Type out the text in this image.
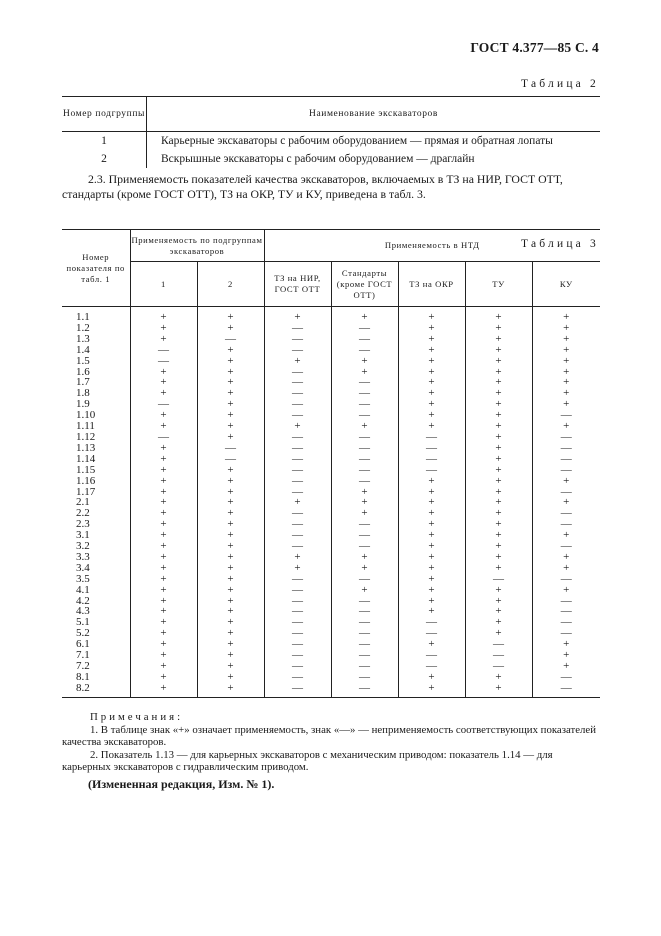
ГОСТ 4.377—85 С. 4
Таблица 2
Номер подгруппы	Наименование экскаваторов
1	Карьерные экскаваторы с рабочим оборудованием — прямая и обратная лопаты
2	Вскрышные экскаваторы с рабочим оборудованием — драглайн
2.3. Применяемость показателей качества экскаваторов, включаемых в ТЗ на НИР, ГОСТ ОТТ,
стандарты (кроме ГОСТ ОТТ), ТЗ на ОКР, ТУ и КУ, приведена в табл. 3.
Таблица 3
Номер показателя по табл. 1	Применяемость по подгруппам экскаваторов		Применяемость в НТД				
	1	2	ТЗ на НИР, ГОСТ ОТТ	Стандарты (кроме ГОСТ ОТТ)	ТЗ на ОКР	ТУ	КУ
1.1	+	+	+	+	+	+	+
1.2	+	+	—	—	+	+	+
1.3	+	—	—	—	+	+	+
1.4	—	+	—	—	+	+	+
1.5	—	+	+	+	+	+	+
1.6	+	+	—	+	+	+	+
1.7	+	+	—	—	+	+	+
1.8	+	+	—	—	+	+	+
1.9	—	+	—	—	+	+	+
1.10	+	+	—	—	+	+	—
1.11	+	+	+	+	+	+	+
1.12	—	+	—	—	—	+	—
1.13	+	—	—	—	—	+	—
1.14	+	—	—	—	—	+	—
1.15	+	+	—	—	—	+	—
1.16	+	+	—	—	+	+	+
1.17	+	+	—	+	+	+	—
2.1	+	+	+	+	+	+	+
2.2	+	+	—	+	+	+	—
2.3	+	+	—	—	+	+	—
3.1	+	+	—	—	+	+	+
3.2	+	+	—	—	+	+	—
3.3	+	+	+	+	+	+	+
3.4	+	+	+	+	+	+	+
3.5	+	+	—	—	+	—	—
4.1	+	+	—	+	+	+	+
4.2	+	+	—	—	+	+	—
4.3	+	+	—	—	+	+	—
5.1	+	+	—	—	—	+	—
5.2	+	+	—	—	—	+	—
6.1	+	+	—	—	+	—	+
7.1	+	+	—	—	—	—	+
7.2	+	+	—	—	—	—	+
8.1	+	+	—	—	+	+	—
8.2	+	+	—	—	+	+	—
Примечания:

1. В таблице знак «+» означает применяемость, знак «—» — неприменяемость соответствующих показателей качества экскаваторов.

2. Показатель 1.13 — для карьерных экскаваторов с механическим приводом: показатель 1.14 — для карьерных экскаваторов с гидравлическим приводом.

(Измененная редакция, Изм. № 1).
